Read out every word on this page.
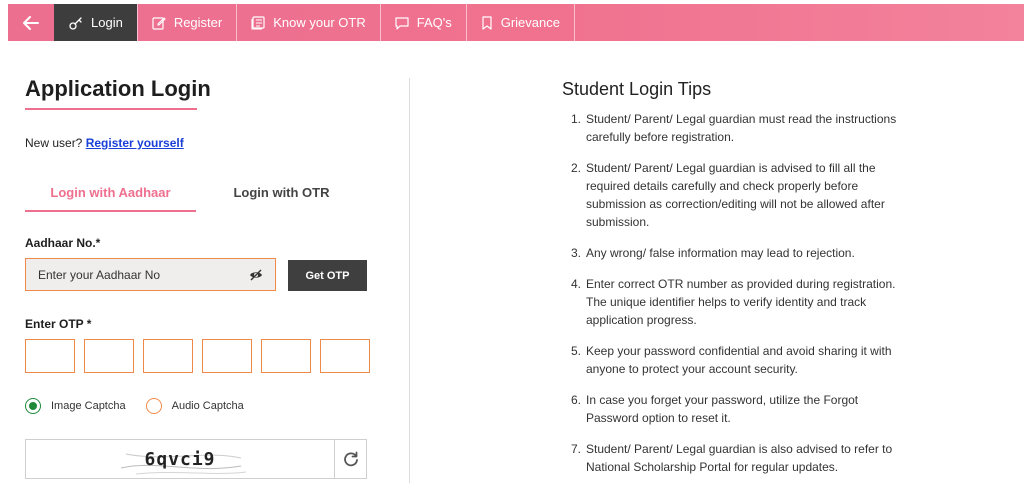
Login	Register	Know your OTR	FAQ's	Grievance
Application Login
New user? Register yourself
Login with Aadhaar	Login with OTR
Aadhaar No.*
Enter your Aadhaar No
Get OTP
Enter OTP *
Image Captcha	Audio Captcha
6qvci9
Student Login Tips
1. Student/ Parent/ Legal guardian must read the instructions carefully before registration.
2. Student/ Parent/ Legal guardian is advised to fill all the required details carefully and check properly before submission as correction/editing will not be allowed after submission.
3. Any wrong/ false information may lead to rejection.
4. Enter correct OTR number as provided during registration. The unique identifier helps to verify identity and track application progress.
5. Keep your password confidential and avoid sharing it with anyone to protect your account security.
6. In case you forget your password, utilize the Forgot Password option to reset it.
7. Student/ Parent/ Legal guardian is also advised to refer to National Scholarship Portal for regular updates.
